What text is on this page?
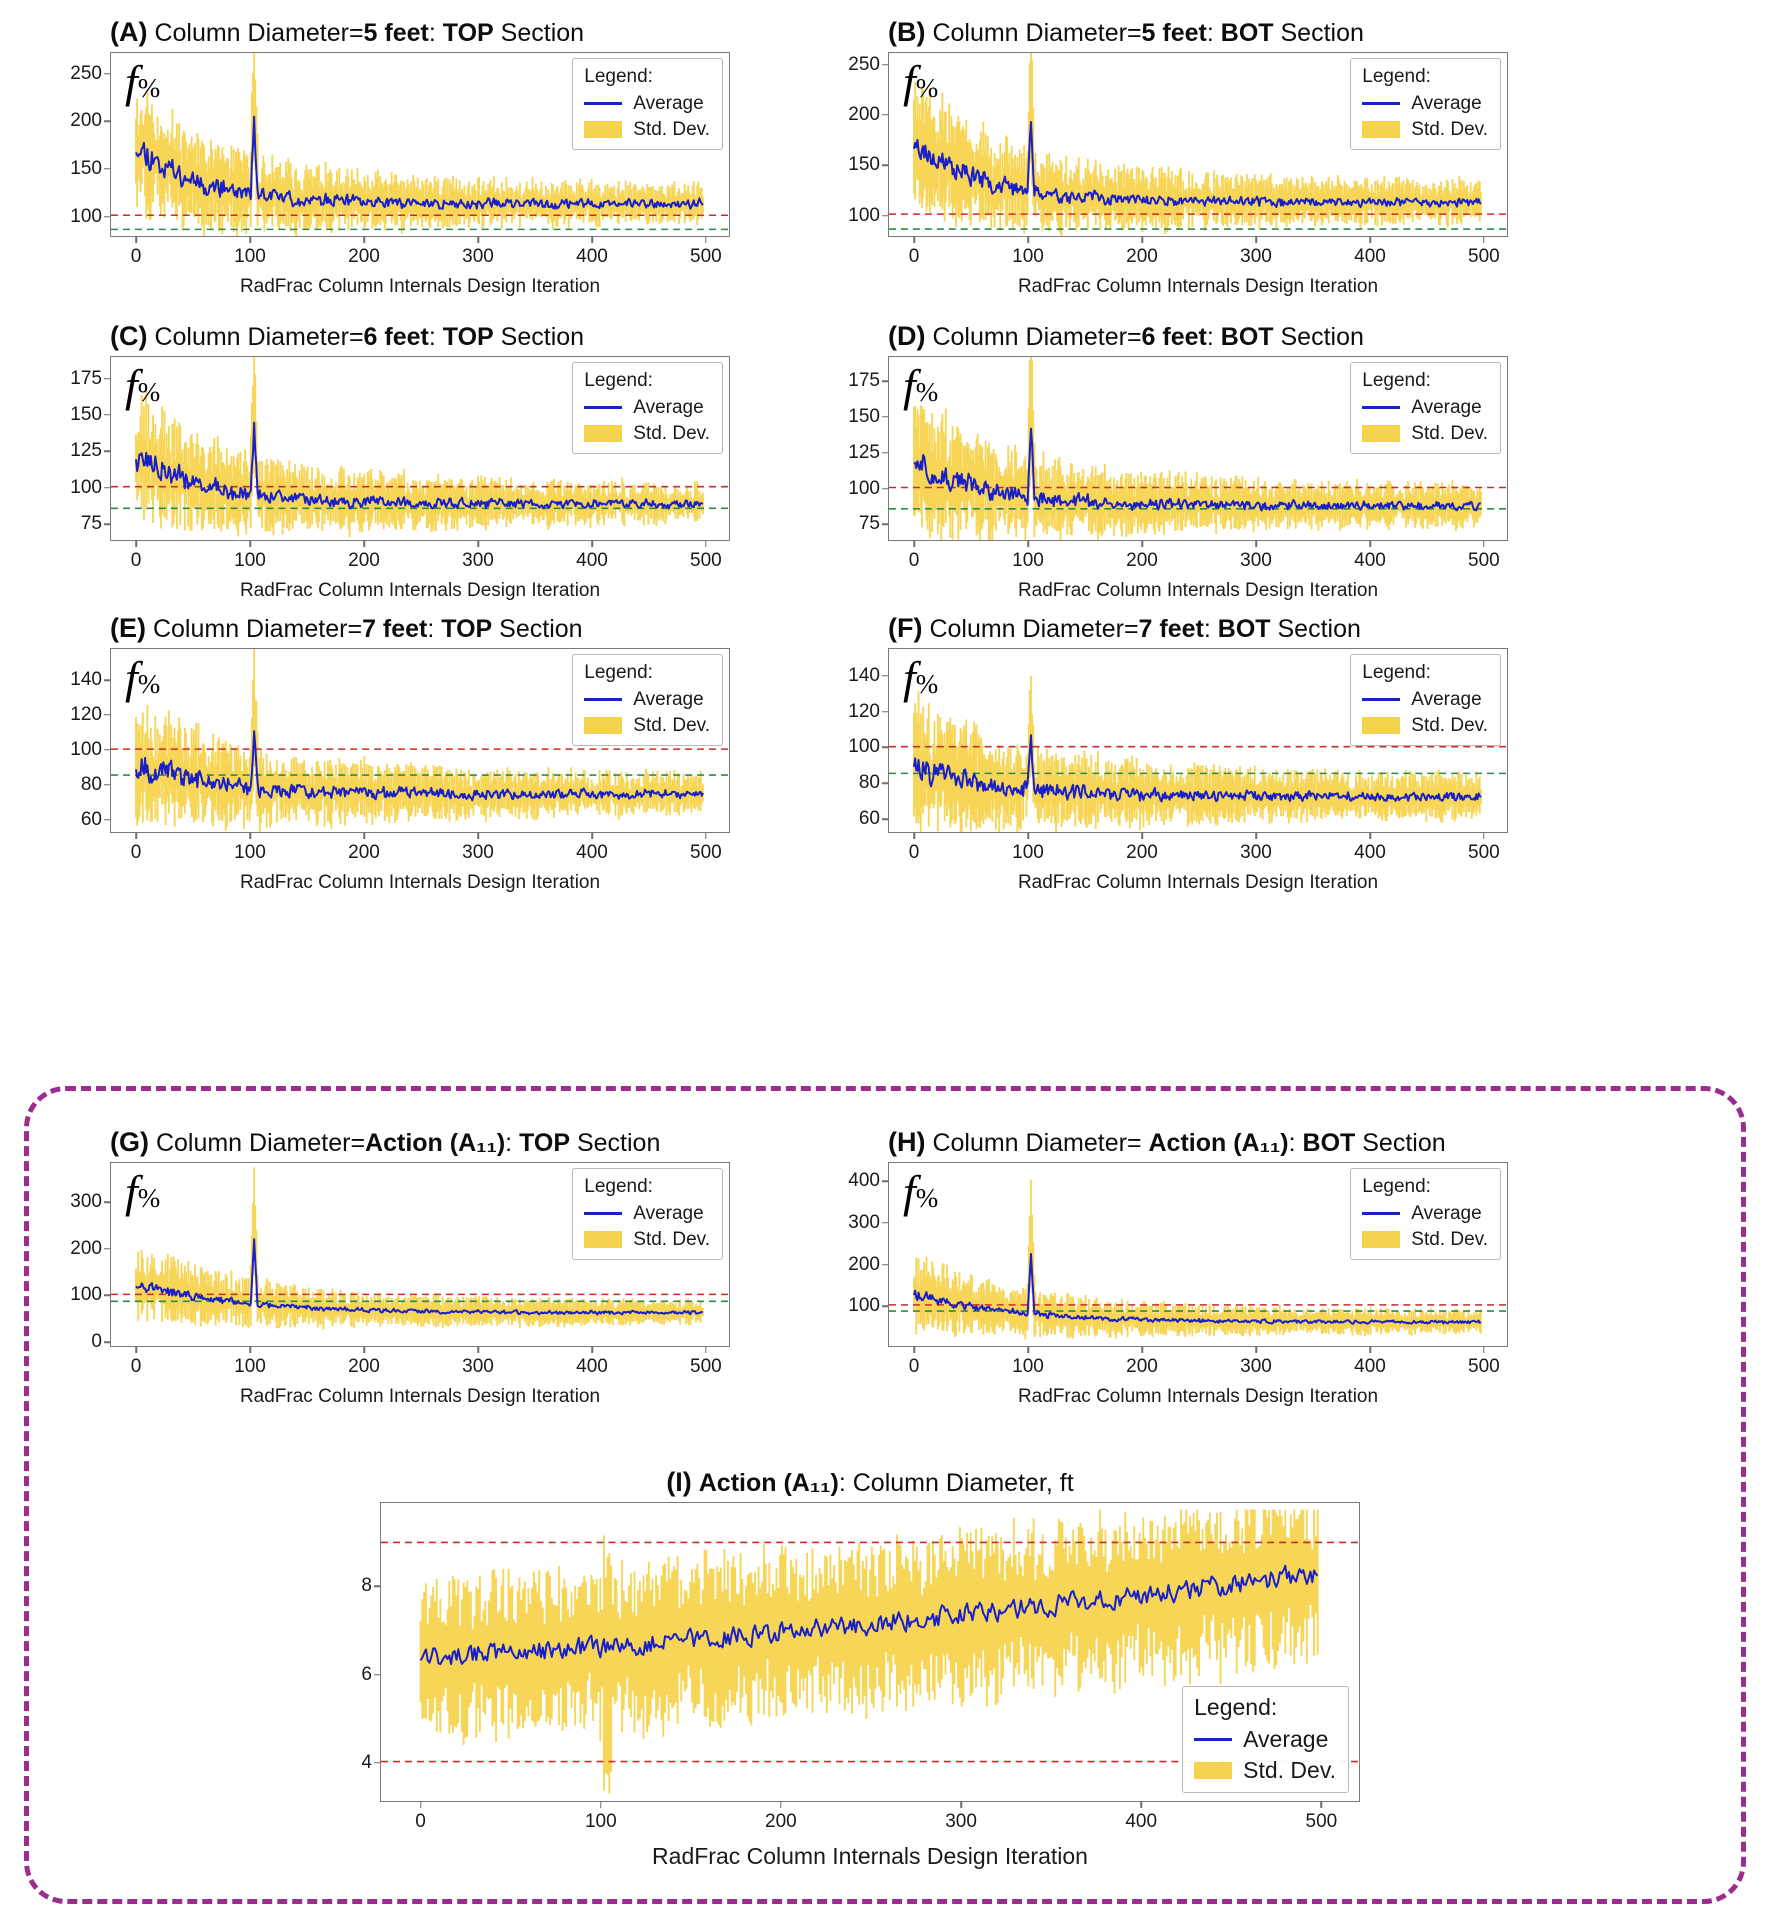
(A) Column Diameter=5 feet: TOP Section
100
150
200
250
0	100	200	300	400	500
f%	Legend:
Average
Std. Dev.
RadFrac Column Internals Design Iteration
(B) Column Diameter=5 feet: BOT Section
100
150
200
250
0	100	200	300	400	500
f%	Legend:
Average
Std. Dev.
RadFrac Column Internals Design Iteration
(C) Column Diameter=6 feet: TOP Section
75
100
125
150
175
0	100	200	300	400	500
f%	Legend:
Average
Std. Dev.
RadFrac Column Internals Design Iteration
(D) Column Diameter=6 feet: BOT Section
75
100
125
150
175
0	100	200	300	400	500
f%	Legend:
Average
Std. Dev.
RadFrac Column Internals Design Iteration
(E) Column Diameter=7 feet: TOP Section
60
80
100
120
140
0	100	200	300	400	500
f%	Legend:
Average
Std. Dev.
RadFrac Column Internals Design Iteration
(F) Column Diameter=7 feet: BOT Section
60
80
100
120
140
0	100	200	300	400	500
f%	Legend:
Average
Std. Dev.
RadFrac Column Internals Design Iteration
(G) Column Diameter=Action (A₁₁): TOP Section
0
100
200
300
0	100	200	300	400	500
f%	Legend:
Average
Std. Dev.
RadFrac Column Internals Design Iteration
(H) Column Diameter= Action (A₁₁): BOT Section
100
200
300
400
0	100	200	300	400	500
f%	Legend:
Average
Std. Dev.
RadFrac Column Internals Design Iteration
(I) Action (A₁₁): Column Diameter, ft
4
6
8
0	100	200	300	400	500
Legend:
Average
Std. Dev.
RadFrac Column Internals Design Iteration
